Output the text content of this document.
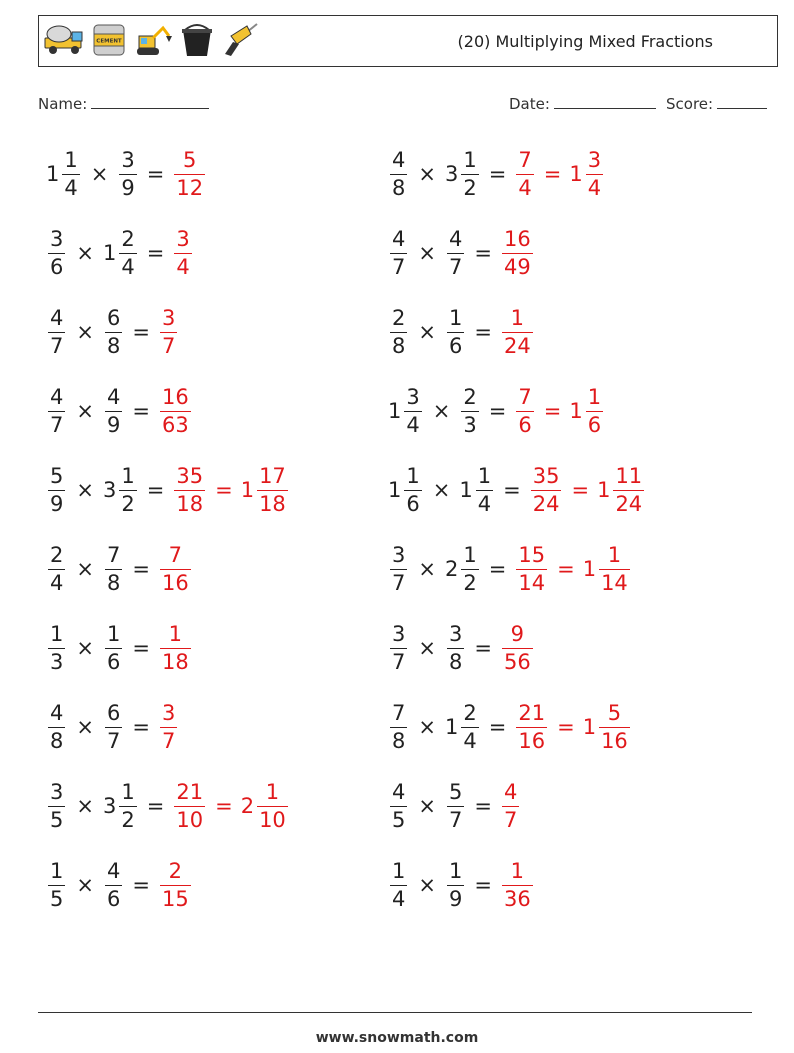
CEMENT	(20) Multiplying Mixed Fractions
Name:	Date:	Score:
$1 \frac{1}{4} \times \frac{3}{9} = \frac{5}{12}$	$\frac{4}{8} \times 3 \frac{1}{2} = \frac{7}{4} = 1 \frac{3}{4}$
$\frac{3}{6} \times 1 \frac{2}{4} = \frac{3}{4}$	$\frac{4}{7} \times \frac{4}{7} = \frac{16}{49}$
$\frac{4}{7} \times \frac{6}{8} = \frac{3}{7}$	$\frac{2}{8} \times \frac{1}{6} = \frac{1}{24}$
$\frac{4}{7} \times \frac{4}{9} = \frac{16}{63}$	$1 \frac{3}{4} \times \frac{2}{3} = \frac{7}{6} = 1 \frac{1}{6}$
$\frac{5}{9} \times 3 \frac{1}{2} = \frac{35}{18} = 1 \frac{17}{18}$	$1 \frac{1}{6} \times 1 \frac{1}{4} = \frac{35}{24} = 1 \frac{11}{24}$
$\frac{2}{4} \times \frac{7}{8} = \frac{7}{16}$	$\frac{3}{7} \times 2 \frac{1}{2} = \frac{15}{14} = 1 \frac{1}{14}$
$\frac{1}{3} \times \frac{1}{6} = \frac{1}{18}$	$\frac{3}{7} \times \frac{3}{8} = \frac{9}{56}$
$\frac{4}{8} \times \frac{6}{7} = \frac{3}{7}$	$\frac{7}{8} \times 1 \frac{2}{4} = \frac{21}{16} = 1 \frac{5}{16}$
$\frac{3}{5} \times 3 \frac{1}{2} = \frac{21}{10} = 2 \frac{1}{10}$	$\frac{4}{5} \times \frac{5}{7} = \frac{4}{7}$
$\frac{1}{5} \times \frac{4}{6} = \frac{2}{15}$	$\frac{1}{4} \times \frac{1}{9} = \frac{1}{36}$
www.snowmath.com
